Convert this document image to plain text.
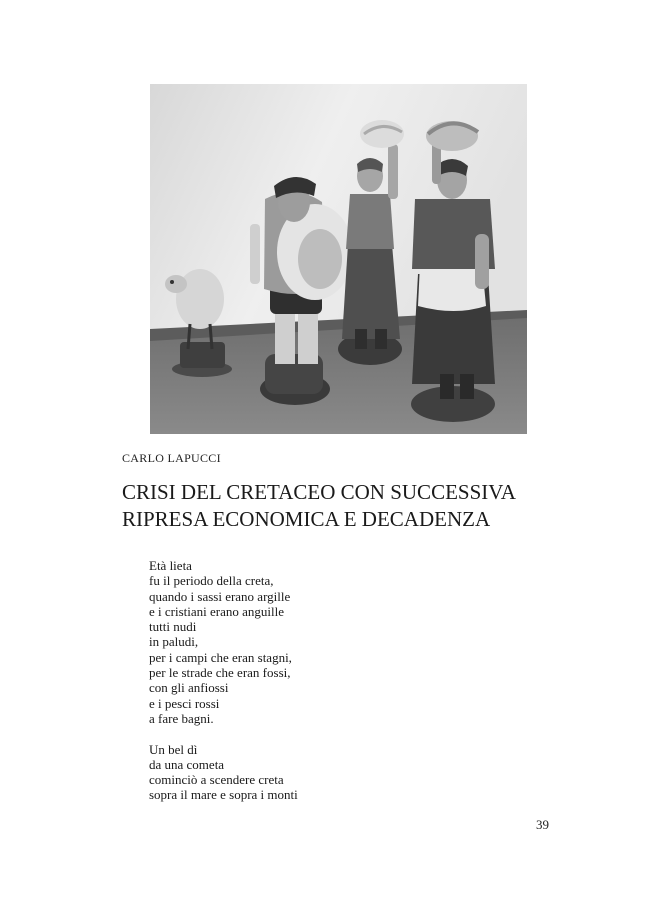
CARLO LAPUCCI
CRISI DEL CRETACEO CON SUCCESSIVA
RIPRESA ECONOMICA E DECADENZA
Età lieta
fu il periodo della creta,
quando i sassi erano argille
e i cristiani erano anguille
tutti nudi
in paludi,
per i campi che eran stagni,
per le strade che eran fossi,
con gli anfiossi
e i pesci rossi
a fare bagni.
Un bel dì
da una cometa
cominciò a scendere creta
sopra il mare e sopra i monti
39
